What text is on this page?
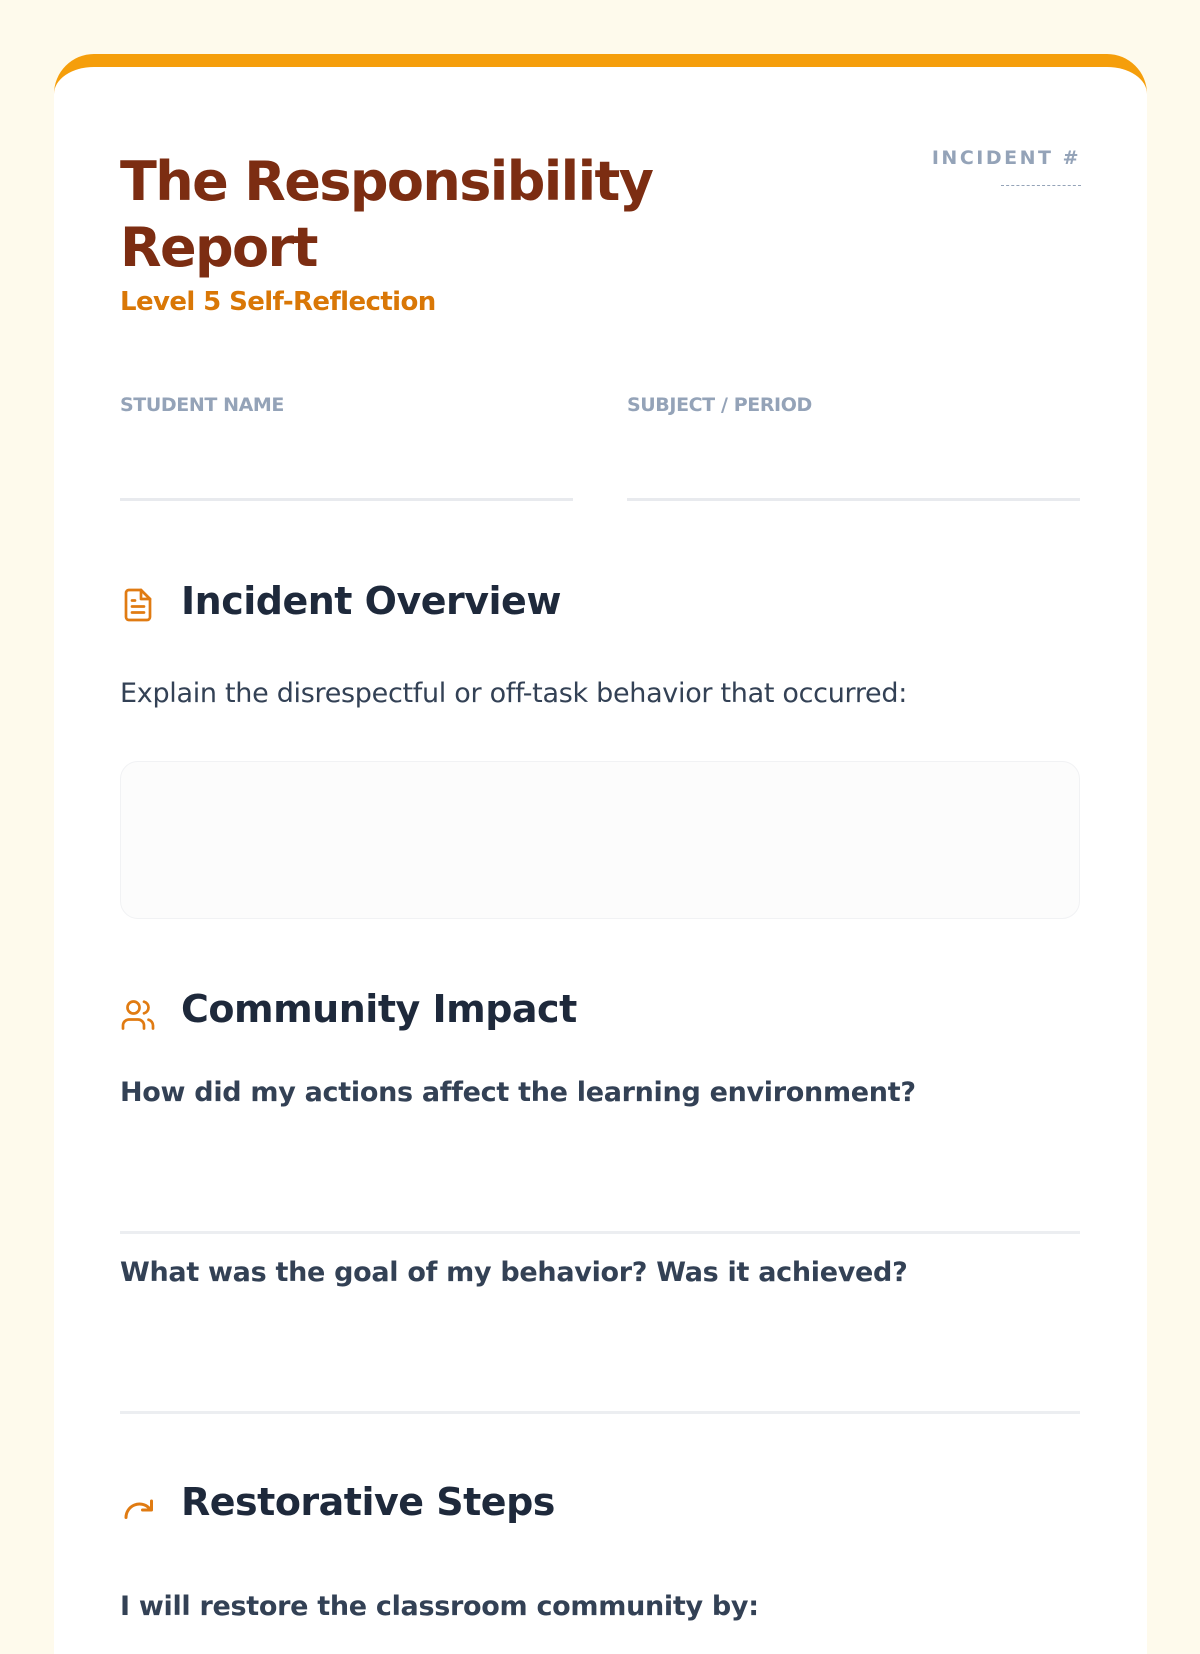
The Responsibility Report
Level 5 Self-Reflection
INCIDENT #
STUDENT NAME	SUBJECT / PERIOD
Incident Overview
Explain the disrespectful or off-task behavior that occurred:
Community Impact
How did my actions affect the learning environment?
What was the goal of my behavior? Was it achieved?
Restorative Steps
I will restore the classroom community by:
